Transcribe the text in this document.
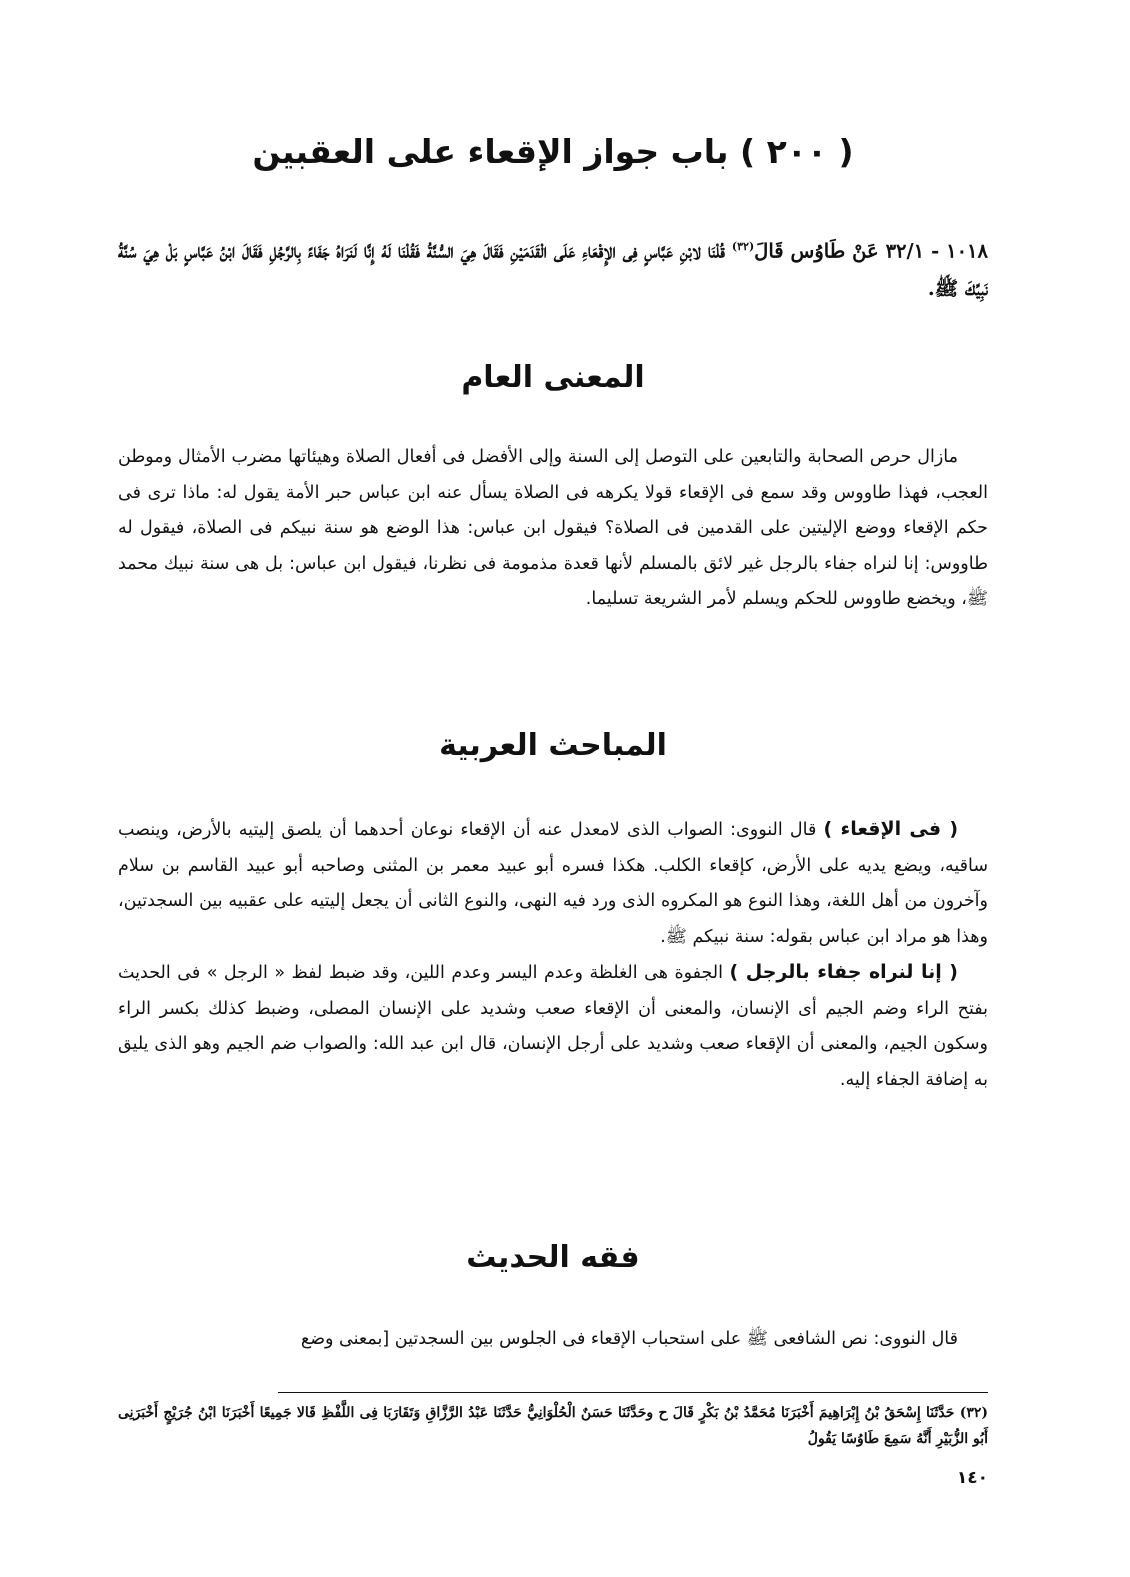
( ٢٠٠ ) باب جواز الإقعاء على العقبين
١٠١٨ - ٣٢/١ عَنْ طَاوُس قَالَ$^{(٣٢)}$ قُلْنَا لابْنِ عَبَّاسٍ فِى الإِقْعَاءِ عَلَى الْقَدَمَيْنِ فَقَالَ هِيَ السُّنَّةُ فَقُلْنَا لَهُ إِنَّا لَنَرَاهُ جَفَاءً بِالرَّجُلِ فَقَالَ ابْنُ عَبَّاسٍ بَلْ هِيَ سُنَّةُ نَبِيِّكَ ﷺ.
المعنى العام

مازال حرص الصحابة والتابعين على التوصل إلى السنة وإلى الأفضل فى أفعال الصلاة وهيئاتها مضرب الأمثال وموطن العجب، فهذا طاووس وقد سمع فى الإقعاء قولا يكرهه فى الصلاة يسأل عنه ابن عباس حبر الأمة يقول له: ماذا ترى فى حكم الإقعاء ووضع الإليتين على القدمين فى الصلاة؟ فيقول ابن عباس: هذا الوضع هو سنة نبيكم فى الصلاة، فيقول له طاووس: إنا لنراه جفاء بالرجل غير لائق بالمسلم لأنها قعدة مذمومة فى نظرنا، فيقول ابن عباس: بل هى سنة نبيك محمد ﷺ، ويخضع طاووس للحكم ويسلم لأمر الشريعة تسليما.

المباحث العربية

( فى الإقعاء ) قال النووى: الصواب الذى لامعدل عنه أن الإقعاء نوعان أحدهما أن يلصق إليتيه بالأرض، وينصب ساقيه، ويضع يديه على الأرض، كإقعاء الكلب. هكذا فسره أبو عبيد معمر بن المثنى وصاحبه أبو عبيد القاسم بن سلام وآخرون من أهل اللغة، وهذا النوع هو المكروه الذى ورد فيه النهى، والنوع الثانى أن يجعل إليتيه على عقبيه بين السجدتين، وهذا هو مراد ابن عباس بقوله: سنة نبيكم ﷺ.

( إنا لنراه جفاء بالرجل ) الجفوة هى الغلظة وعدم اليسر وعدم اللين، وقد ضبط لفظ « الرجل » فى الحديث بفتح الراء وضم الجيم أى الإنسان، والمعنى أن الإقعاء صعب وشديد على الإنسان المصلى، وضبط كذلك بكسر الراء وسكون الجيم، والمعنى أن الإقعاء صعب وشديد على أرجل الإنسان، قال ابن عبد الله: والصواب ضم الجيم وهو الذى يليق به إضافة الجفاء إليه.

فقه الحديث

قال النووى: نص الشافعى ﷺ على استحباب الإقعاء فى الجلوس بين السجدتين [بمعنى وضع

(٣٢) حَدَّثَنَا إِسْحَقُ بْنُ إِبْرَاهِيمَ أَخْبَرَنَا مُحَمَّدُ بْنُ بَكْرٍ قَالَ ح وحَدَّثَنَا حَسَنٌ الْحُلْوَانِيُّ حَدَّثَنَا عَبْدُ الرَّزَّاقِ وَتَقَارَبَا فِى اللَّفْظِ قَالا جَمِيعًا أَخْبَرَنَا ابْنُ جُرَيْجٍ أَخْبَرَنِى أَبُو الزُّبَيْرِ أَنَّهُ سَمِعَ طَاوُسًا يَقُولُ
١٤٠
